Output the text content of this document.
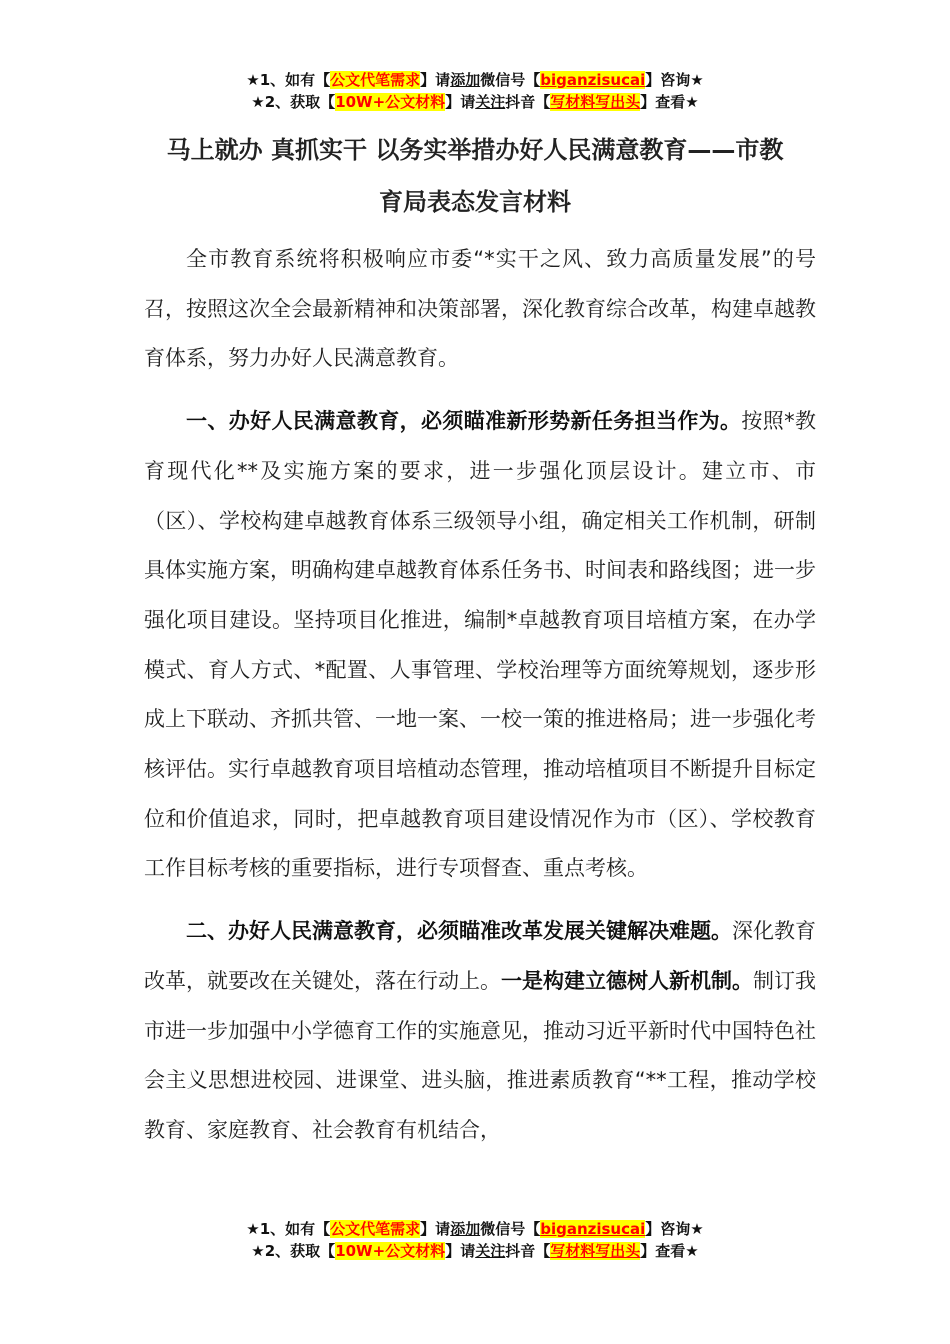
★1、如有【公文代笔需求】请添加微信号【biganzisucai】咨询★
★2、获取【10W+公文材料】请关注抖音【写材料写出头】查看★
马上就办 真抓实干 以务实举措办好人民满意教育——市教
育局表态发言材料

全市教育系统将积极响应市委“*实干之风、致力高质量发展”的号召，按照这次全会最新精神和决策部署，深化教育综合改革，构建卓越教育体系，努力办好人民满意教育。

一、办好人民满意教育，必须瞄准新形势新任务担当作为。按照*教育现代化**及实施方案的要求，进一步强化顶层设计。建立市、市（区）、学校构建卓越教育体系三级领导小组，确定相关工作机制，研制具体实施方案，明确构建卓越教育体系任务书、时间表和路线图；进一步强化项目建设。坚持项目化推进，编制*卓越教育项目培植方案，在办学模式、育人方式、*配置、人事管理、学校治理等方面统筹规划，逐步形成上下联动、齐抓共管、一地一案、一校一策的推进格局；进一步强化考核评估。实行卓越教育项目培植动态管理，推动培植项目不断提升目标定位和价值追求，同时，把卓越教育项目建设情况作为市（区）、学校教育工作目标考核的重要指标，进行专项督查、重点考核。

二、办好人民满意教育，必须瞄准改革发展关键解决难题。深化教育改革，就要改在关键处，落在行动上。一是构建立德树人新机制。制订我市进一步加强中小学德育工作的实施意见，推动习近平新时代中国特色社会主义思想进校园、进课堂、进头脑，推进素质教育“**工程，推动学校教育、家庭教育、社会教育有机结合，

★1、如有【公文代笔需求】请添加微信号【biganzisucai】咨询★
★2、获取【10W+公文材料】请关注抖音【写材料写出头】查看★
